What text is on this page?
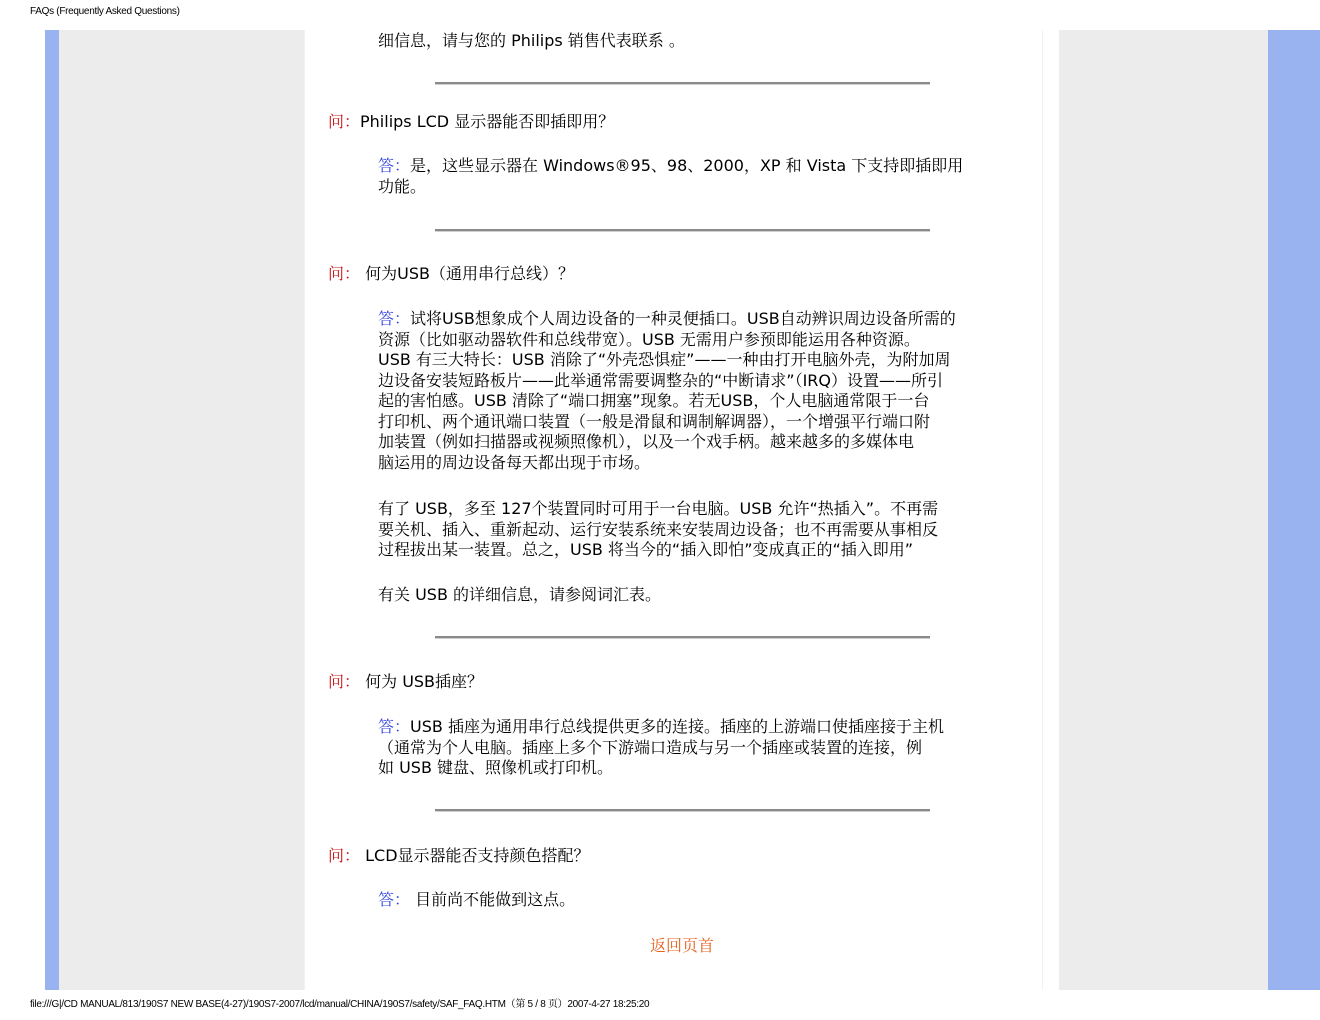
FAQs (Frequently Asked Questions)
细信息，请与您的 Philips 销售代表联系 。
问：Philips LCD 显示器能否即插即用？
答：是，这些显示器在 Windows®95、98、2000，XP 和 Vista 下支持即插即用
功能。
问： 何为USB（通用串行总线）？
答：试将USB想象成个人周边设备的一种灵便插口。USB自动辨识周边设备所需的
资源（比如驱动器软件和总线带宽）。USB 无需用户参预即能运用各种资源。
USB 有三大特长：USB 消除了“外壳恐惧症”——一种由打开电脑外壳，为附加周
边设备安装短路板片——此举通常需要调整杂的“中断请求”（IRQ）设置——所引
起的害怕感。USB 清除了“端口拥塞”现象。若无USB，个人电脑通常限于一台
打印机、两个通讯端口装置（一般是滑鼠和调制解调器），一个增强平行端口附
加装置（例如扫描器或视频照像机），以及一个戏手柄。越来越多的多媒体电
脑运用的周边设备每天都出现于市场。
有了 USB，多至 127个装置同时可用于一台电脑。USB 允许“热插入”。不再需
要关机、插入、重新起动、运行安装系统来安装周边设备；也不再需要从事相反
过程拔出某一装置。总之，USB 将当今的“插入即怕”变成真正的“插入即用”
有关 USB 的详细信息，请参阅词汇表。
问： 何为 USB插座？
答：USB 插座为通用串行总线提供更多的连接。插座的上游端口使插座接于主机
（通常为个人电脑。插座上多个下游端口造成与另一个插座或装置的连接，例
如 USB 键盘、照像机或打印机。
问： LCD显示器能否支持颜色搭配？
答： 目前尚不能做到这点。
返回页首
file:///G|/CD MANUAL/813/190S7 NEW BASE(4-27)/190S7-2007/lcd/manual/CHINA/190S7/safety/SAF_FAQ.HTM（第 5 / 8 页）2007-4-27 18:25:20
